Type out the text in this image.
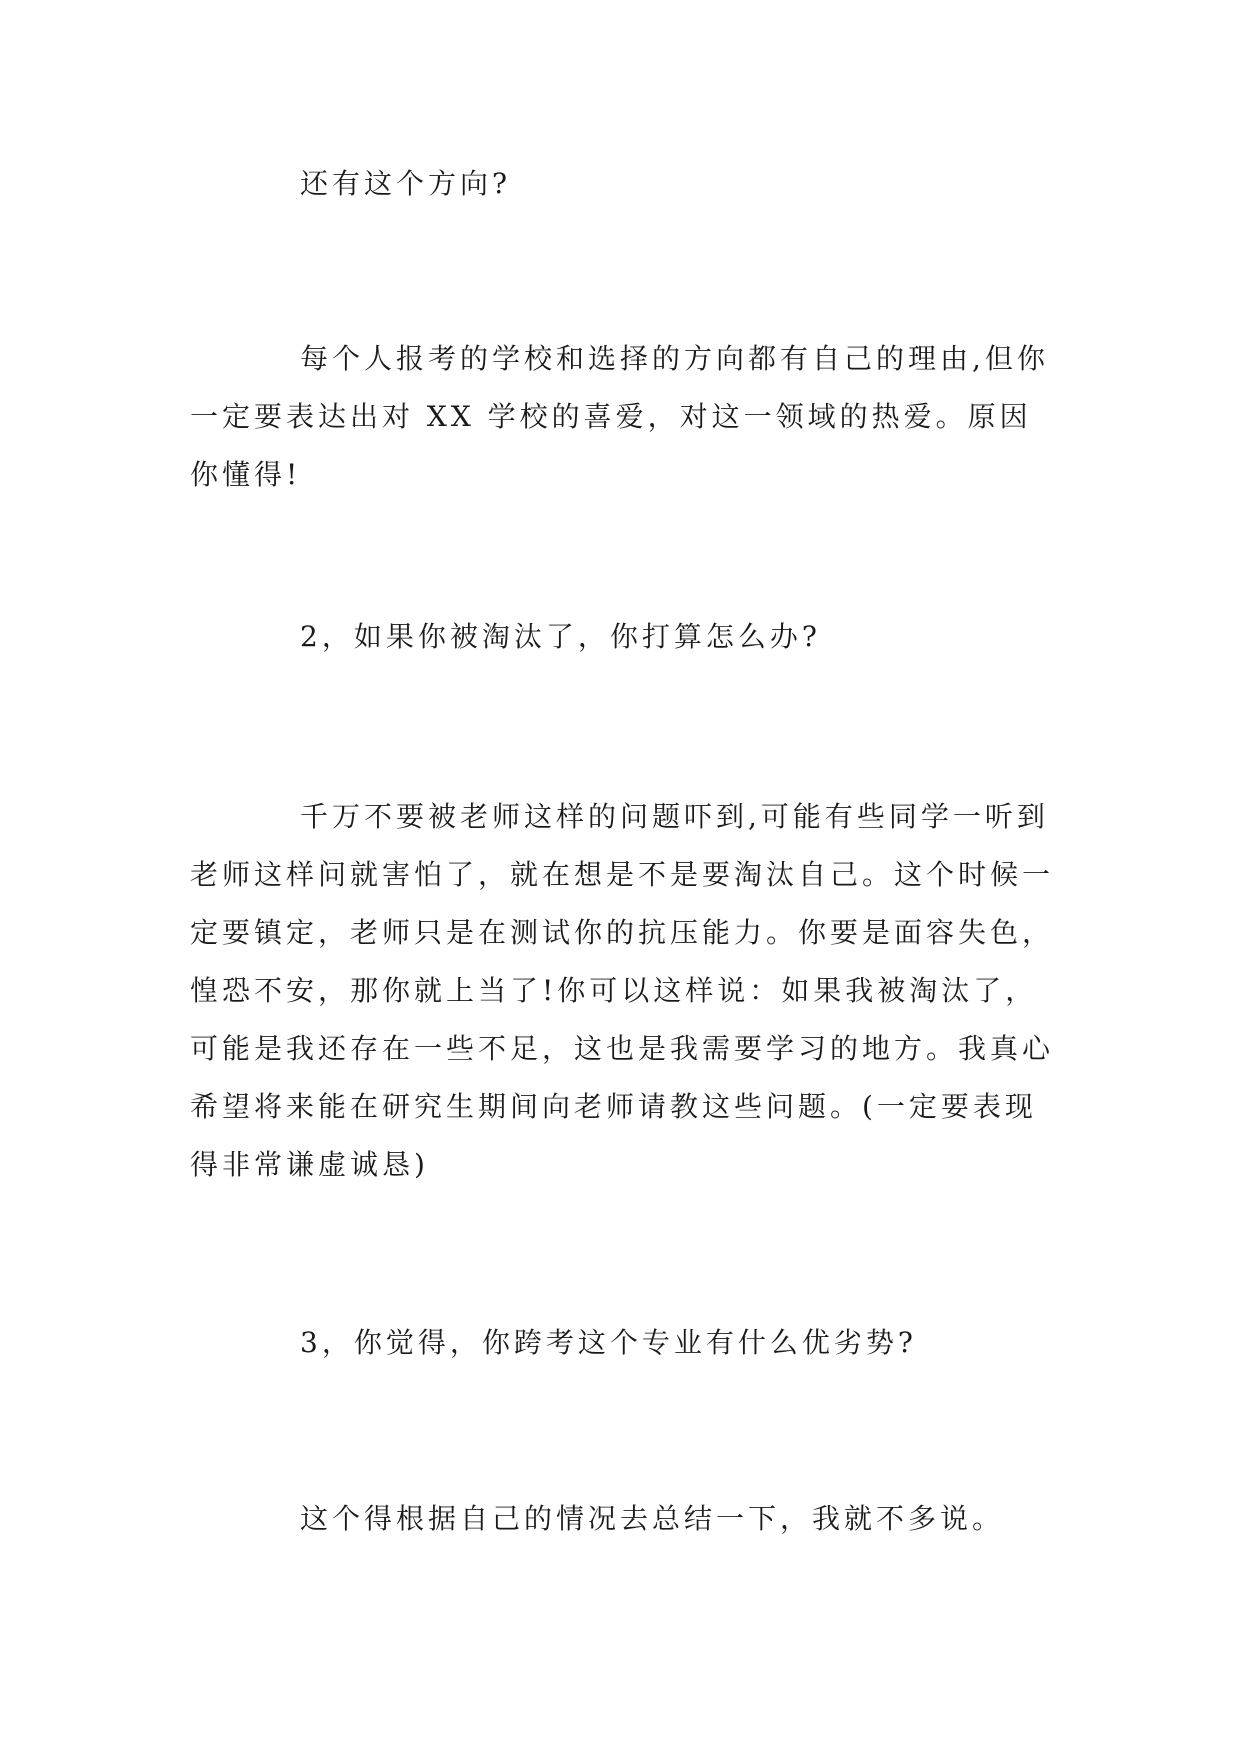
还有这个方向?

每个人报考的学校和选择的方向都有自己的理由,但你一定要表达出对 XX 学校的喜爱，对这一领域的热爱。原因你懂得!

2，如果你被淘汰了，你打算怎么办?

千万不要被老师这样的问题吓到,可能有些同学一听到老师这样问就害怕了，就在想是不是要淘汰自己。这个时候一定要镇定，老师只是在测试你的抗压能力。你要是面容失色，惶恐不安，那你就上当了!你可以这样说：如果我被淘汰了，可能是我还存在一些不足，这也是我需要学习的地方。我真心希望将来能在研究生期间向老师请教这些问题。(一定要表现得非常谦虚诚恳)

3，你觉得，你跨考这个专业有什么优劣势?

这个得根据自己的情况去总结一下，我就不多说。
